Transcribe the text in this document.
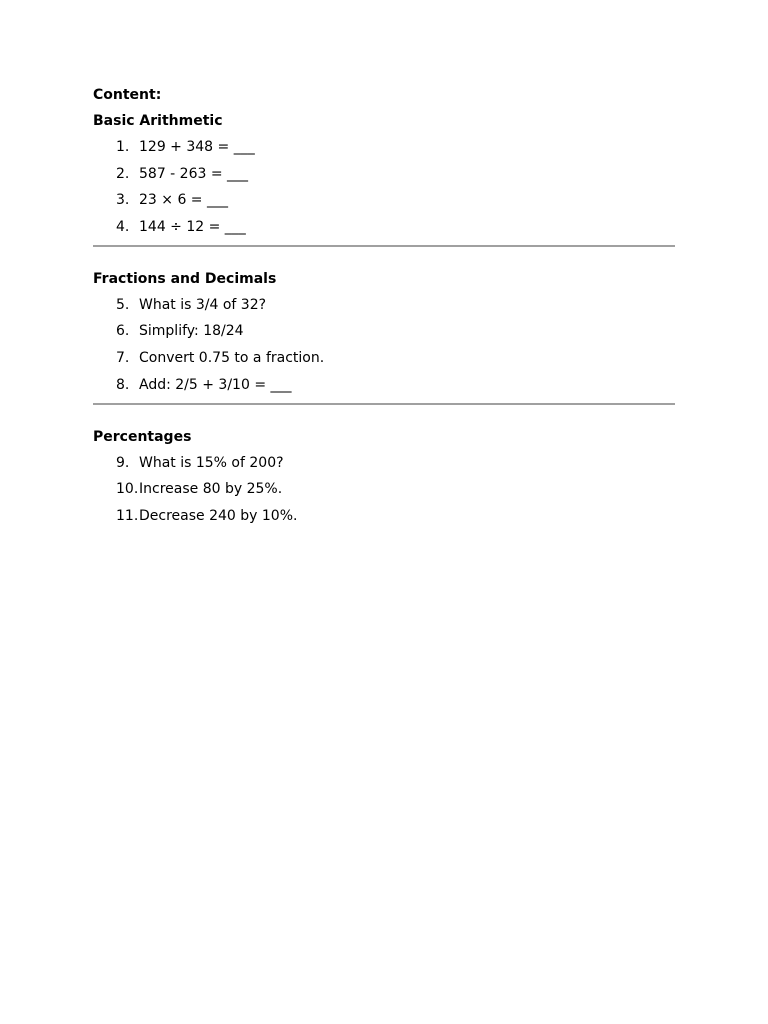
Content:
Basic Arithmetic
1. 129 + 348 = ___
2. 587 - 263 = ___
3. 23 × 6 = ___
4. 144 ÷ 12 = ___
Fractions and Decimals
5. What is 3/4 of 32?
6. Simplify: 18/24
7. Convert 0.75 to a fraction.
8. Add: 2/5 + 3/10 = ___
Percentages
9. What is 15% of 200?
10. Increase 80 by 25%.
11. Decrease 240 by 10%.
